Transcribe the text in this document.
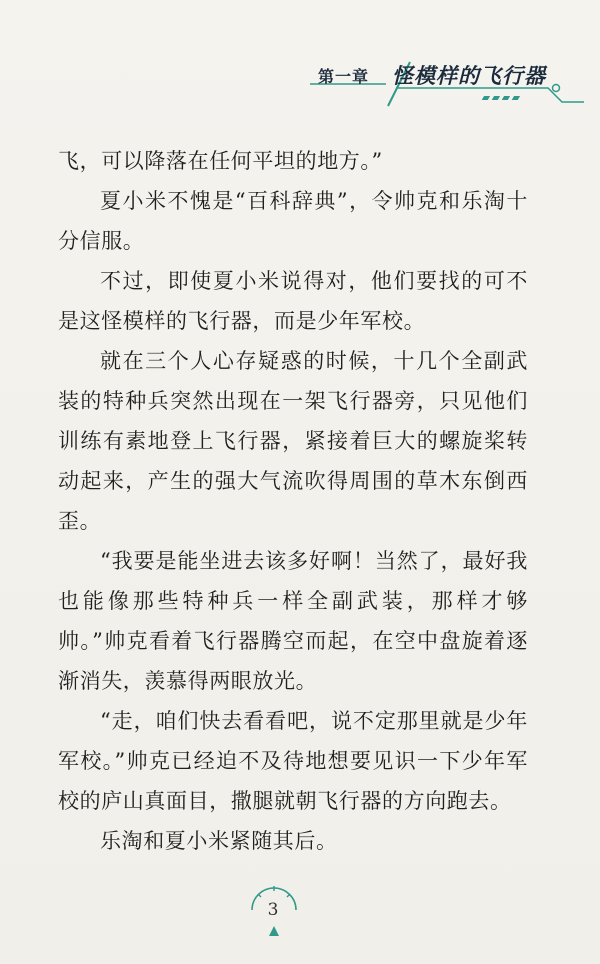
第一章 怪模样的飞行器

飞，可以降落在任何平坦的地方。”

夏小米不愧是“百科辞典”，令帅克和乐淘十分信服。

不过，即使夏小米说得对，他们要找的可不是这怪模样的飞行器，而是少年军校。

就在三个人心存疑惑的时候，十几个全副武装的特种兵突然出现在一架飞行器旁，只见他们训练有素地登上飞行器，紧接着巨大的螺旋桨转动起来，产生的强大气流吹得周围的草木东倒西歪。

“我要是能坐进去该多好啊！当然了，最好我也能像那些特种兵一样全副武装，那样才够帅。”帅克看着飞行器腾空而起，在空中盘旋着逐渐消失，羡慕得两眼放光。

“走，咱们快去看看吧，说不定那里就是少年军校。”帅克已经迫不及待地想要见识一下少年军校的庐山真面目，撒腿就朝飞行器的方向跑去。

乐淘和夏小米紧随其后。

3
